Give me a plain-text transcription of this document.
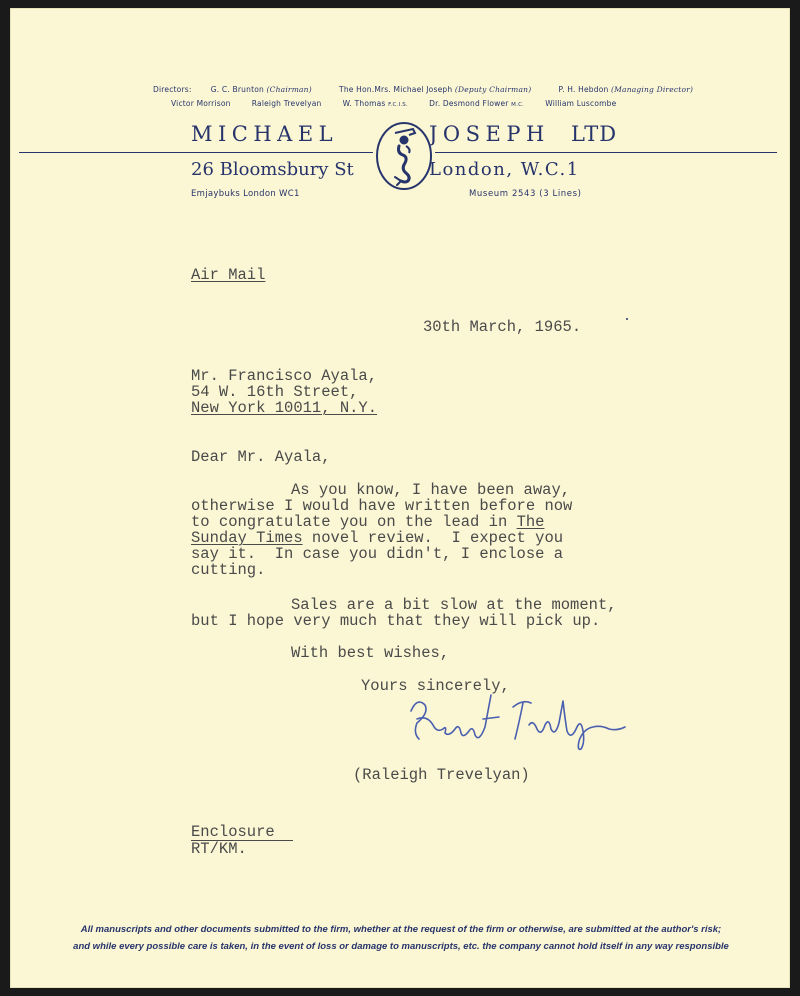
Directors:	G. C. Brunton (Chairman)	The Hon.Mrs. Michael Joseph (Deputy Chairman)	P. H. Hebdon (Managing Director)
Victor Morrison	Raleigh Trevelyan	W. Thomas F.C.I.S.	Dr. Desmond Flower M.C.	William Luscombe
MICHAEL	JOSEPH LTD
26 Bloomsbury St	London, W.C.1
Emjaybuks London WC1	Museum 2543 (3 Lines)
Air Mail
30th March, 1965.
Mr. Francisco Ayala,
54 W. 16th Street,
New York 10011, N.Y.
Dear Mr. Ayala,
As you know, I have been away,
otherwise I would have written before now
to congratulate you on the lead in The
Sunday Times novel review.  I expect you
say it.  In case you didn't, I enclose a
cutting.
Sales are a bit slow at the moment,
but I hope very much that they will pick up.
With best wishes,
Yours sincerely,
(Raleigh Trevelyan)
Enclosure
RT/KM.
All manuscripts and other documents submitted to the firm, whether at the request of the firm or otherwise, are submitted at the author's risk;
and while every possible care is taken, in the event of loss or damage to manuscripts, etc. the company cannot hold itself in any way responsible
